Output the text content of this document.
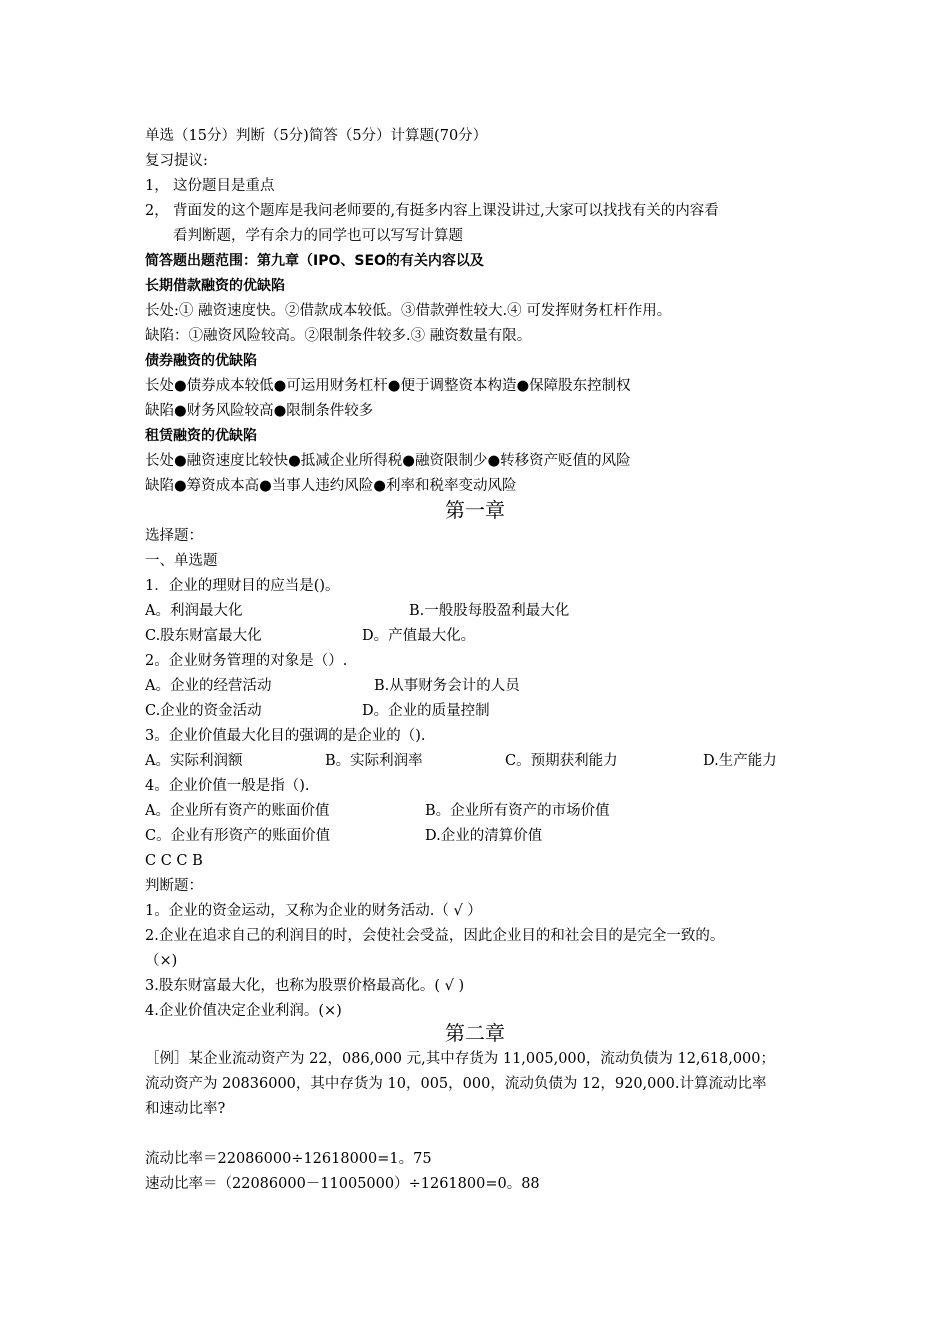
单选（15分）判断（5分)简答（5分）计算题(70分）
复习提议:
1， 这份题目是重点
2， 背面发的这个题库是我问老师要的,有挺多内容上课没讲过,大家可以找找有关的内容看
看判断题，学有余力的同学也可以写写计算题
简答题出题范围：第九章（IPO、SEO的有关内容以及
长期借款融资的优缺陷
长处:① 融资速度快。②借款成本较低。③借款弹性较大.④ 可发挥财务杠杆作用。
缺陷：①融资风险较高。②限制条件较多.③ 融资数量有限。
债券融资的优缺陷
长处●债券成本较低●可运用财务杠杆●便于调整资本构造●保障股东控制权
缺陷●财务风险较高●限制条件较多
租赁融资的优缺陷
长处●融资速度比较快●抵减企业所得税●融资限制少●转移资产贬值的风险
缺陷●筹资成本高●当事人违约风险●利率和税率变动风险
第一章
选择题：
一、单选题
1．企业的理财目的应当是()。
A。利润最大化	B.一般股每股盈利最大化
C.股东财富最大化	D。产值最大化。
2。企业财务管理的对象是（）.
A。企业的经营活动	B.从事财务会计的人员
C.企业的资金活动	D。企业的质量控制
3。企业价值最大化目的强调的是企业的（).
A。实际利润额	B。实际利润率	C。预期获利能力	D.生产能力
4。企业价值一般是指（).
A。企业所有资产的账面价值	B。企业所有资产的市场价值
C。企业有形资产的账面价值	D.企业的清算价值
C C C B
判断题：
1。企业的资金运动，又称为企业的财务活动.（ √ ）
2.企业在追求自己的利润目的时，会使社会受益，因此企业目的和社会目的是完全一致的。
（×)
3.股东财富最大化，也称为股票价格最高化。( √ )
4.企业价值决定企业利润。(×)
第二章
［例］某企业流动资产为 22，086,000 元,其中存货为 11,005,000，流动负债为 12,618,000；
流动资产为 20836000，其中存货为 10，005，000，流动负债为 12，920,000.计算流动比率
和速动比率?
流动比率＝22086000÷12618000=1。75
速动比率＝（22086000－11005000）÷1261800=0。88
